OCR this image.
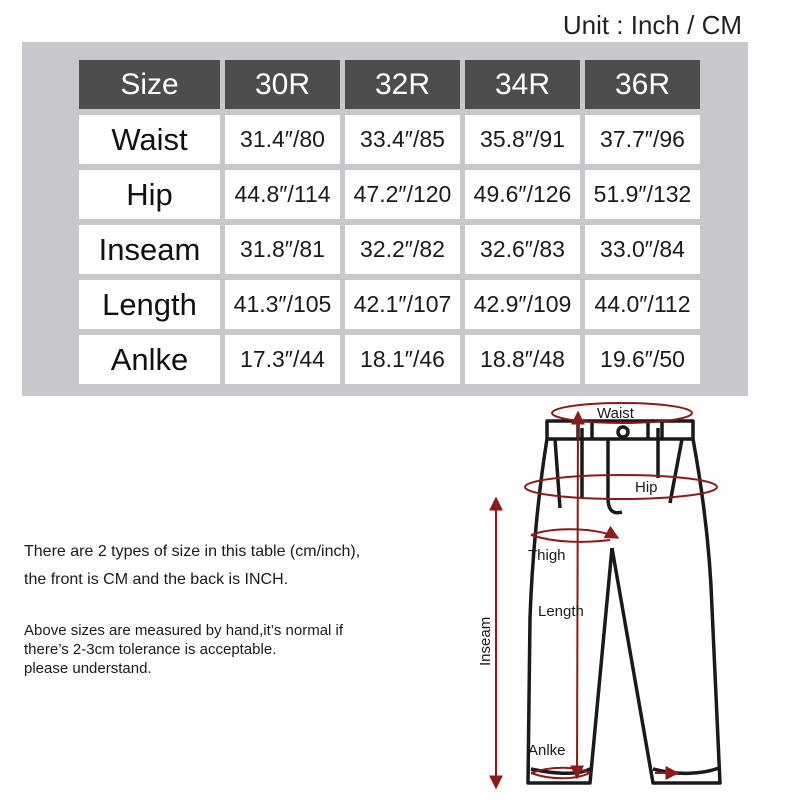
Unit : Inch / CM
Size	30R	32R	34R	36R
Waist	31.4″/80	33.4″/85	35.8″/91	37.7″/96
Hip	44.8″/114	47.2″/120	49.6″/126	51.9″/132
Inseam	31.8″/81	32.2″/82	32.6″/83	33.0″/84
Length	41.3″/105	42.1″/107	42.9″/109	44.0″/112
Anlke	17.3″/44	18.1″/46	18.8″/48	19.6″/50
There are 2 types of size in this table (cm/inch),
the front is CM and the back is INCH.
Above sizes are measured by hand,it’s normal if
there’s 2-3cm tolerance is acceptable.
please understand.
Waist
Hip
Thigh
Length
Inseam
Anlke
